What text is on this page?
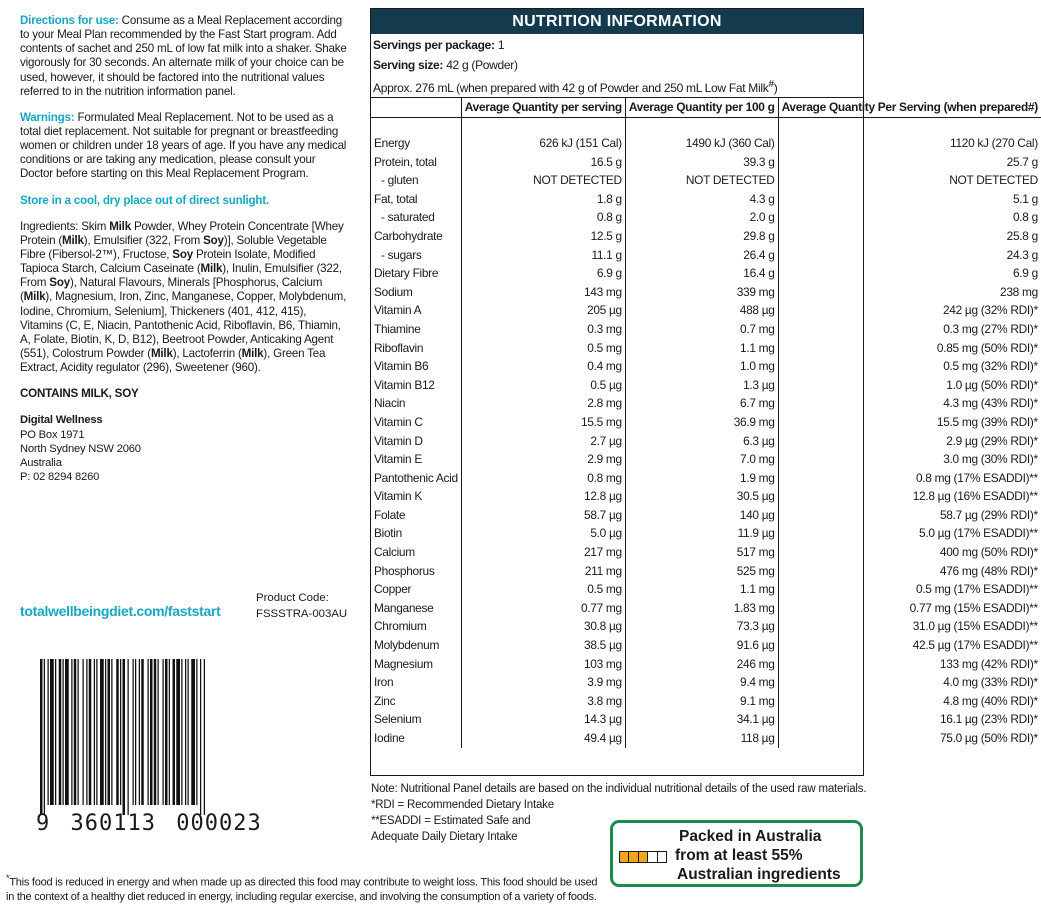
Directions for use: Consume as a Meal Replacement according to your Meal Plan recommended by the Fast Start program. Add contents of sachet and 250 mL of low fat milk into a shaker. Shake vigorously for 30 seconds. An alternate milk of your choice can be used, however, it should be factored into the nutritional values referred to in the nutrition information panel.

Warnings: Formulated Meal Replacement. Not to be used as a total diet replacement. Not suitable for pregnant or breastfeeding women or children under 18 years of age. If you have any medical conditions or are taking any medication, please consult your Doctor before starting on this Meal Replacement Program.

Store in a cool, dry place out of direct sunlight.

Ingredients: Skim Milk Powder, Whey Protein Concentrate [Whey Protein (Milk), Emulsifier (322, From Soy)], Soluble Vegetable Fibre (Fibersol-2™), Fructose, Soy Protein Isolate, Modified Tapioca Starch, Calcium Caseinate (Milk), Inulin, Emulsifier (322, From Soy), Natural Flavours, Minerals [Phosphorus, Calcium (Milk), Magnesium, Iron, Zinc, Manganese, Copper, Molybdenum, Iodine, Chromium, Selenium], Thickeners (401, 412, 415), Vitamins (C, E, Niacin, Pantothenic Acid, Riboflavin, B6, Thiamin, A, Folate, Biotin, K, D, B12), Beetroot Powder, Anticaking Agent (551), Colostrum Powder (Milk), Lactoferrin (Milk), Green Tea Extract, Acidity regulator (296), Sweetener (960).

CONTAINS MILK, SOY

Digital Wellness
PO Box 1971
North Sydney NSW 2060
Australia
P: 02 8294 8260
totalwellbeingdiet.com/faststart
Product Code:
FSSSTRA-003AU
9 360113 000023
NUTRITION INFORMATION
Servings per package: 1
Serving size: 42 g (Powder)
Approx. 276 mL (when prepared with 42 g of Powder and 250 mL Low Fat Milk#)
	Average Quantity per serving	Average Quantity per 100 g	Average Quantity Per Serving (when prepared#)

Energy	626 kJ (151 Cal)	1490 kJ (360 Cal)	1120 kJ (270 Cal)
Protein, total	16.5 g	39.3 g	25.7 g
- gluten	NOT DETECTED	NOT DETECTED	NOT DETECTED
Fat, total	1.8 g	4.3 g	5.1 g
- saturated	0.8 g	2.0 g	0.8 g
Carbohydrate	12.5 g	29.8 g	25.8 g
- sugars	11.1 g	26.4 g	24.3 g
Dietary Fibre	6.9 g	16.4 g	6.9 g
Sodium	143 mg	339 mg	238 mg
Vitamin A	205 µg	488 µg	242 µg (32% RDI)*
Thiamine	0.3 mg	0.7 mg	0.3 mg (27% RDI)*
Riboflavin	0.5 mg	1.1 mg	0.85 mg (50% RDI)*
Vitamin B6	0.4 mg	1.0 mg	0.5 mg (32% RDI)*
Vitamin B12	0.5 µg	1.3 µg	1.0 µg (50% RDI)*
Niacin	2.8 mg	6.7 mg	4.3 mg (43% RDI)*
Vitamin C	15.5 mg	36.9 mg	15.5 mg (39% RDI)*
Vitamin D	2.7 µg	6.3 µg	2.9 µg (29% RDI)*
Vitamin E	2.9 mg	7.0 mg	3.0 mg (30% RDI)*
Pantothenic Acid	0.8 mg	1.9 mg	0.8 mg (17% ESADDI)**
Vitamin K	12.8 µg	30.5 µg	12.8 µg (16% ESADDI)**
Folate	58.7 µg	140 µg	58.7 µg (29% RDI)*
Biotin	5.0 µg	11.9 µg	5.0 µg (17% ESADDI)**
Calcium	217 mg	517 mg	400 mg (50% RDI)*
Phosphorus	211 mg	525 mg	476 mg (48% RDI)*
Copper	0.5 mg	1.1 mg	0.5 mg (17% ESADDI)**
Manganese	0.77 mg	1.83 mg	0.77 mg (15% ESADDI)**
Chromium	30.8 µg	73.3 µg	31.0 µg (15% ESADDI)**
Molybdenum	38.5 µg	91.6 µg	42.5 µg (17% ESADDI)**
Magnesium	103 mg	246 mg	133 mg (42% RDI)*
Iron	3.9 mg	9.4 mg	4.0 mg (33% RDI)*
Zinc	3.8 mg	9.1 mg	4.8 mg (40% RDI)*
Selenium	14.3 µg	34.1 µg	16.1 µg (23% RDI)*
Iodine	49.4 µg	118 µg	75.0 µg (50% RDI)*
Note: Nutritional Panel details are based on the individual nutritional details of the used raw materials.
*RDI = Recommended Dietary Intake
**ESADDI = Estimated Safe and
Adequate Daily Dietary Intake
*This food is reduced in energy and when made up as directed this food may contribute to weight loss. This food should be used in the context of a healthy diet reduced in energy, including regular exercise, and involving the consumption of a variety of foods.
Packed in Australia
from at least 55%
Australian ingredients
